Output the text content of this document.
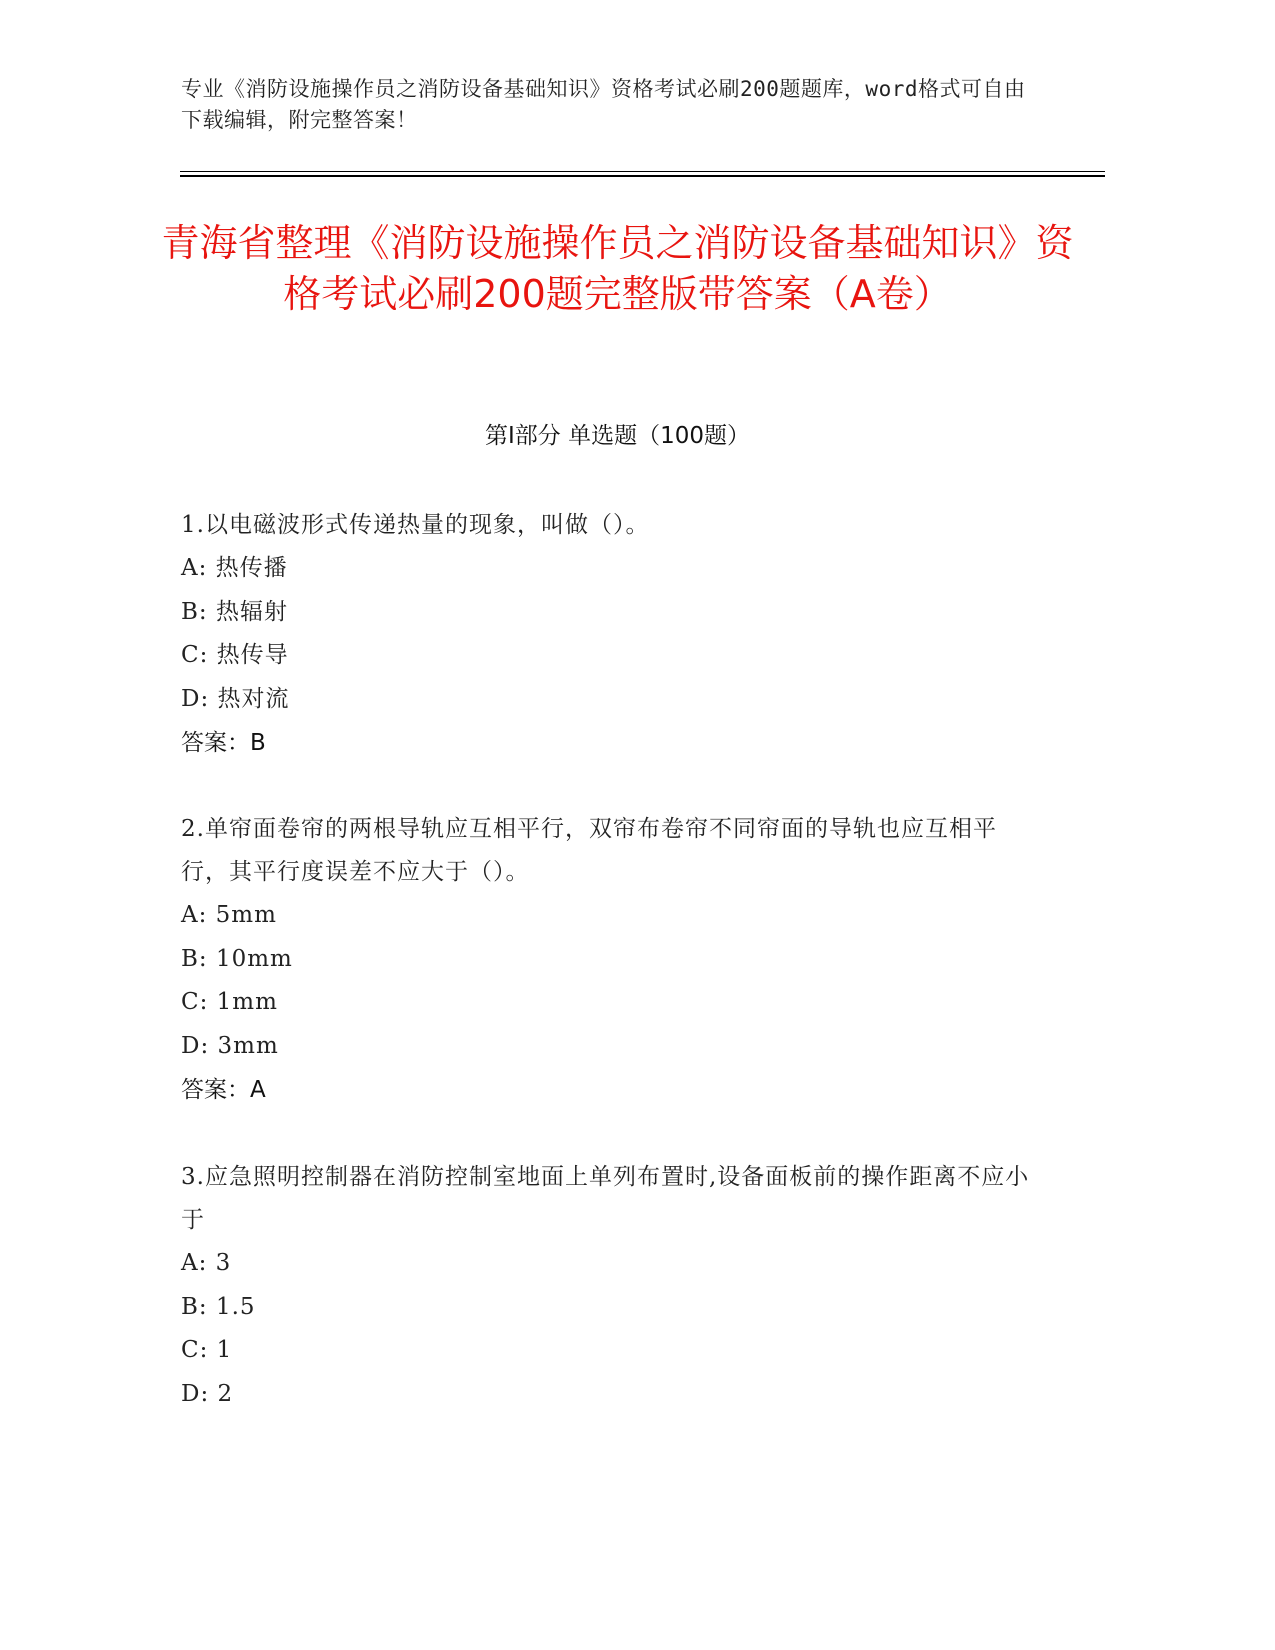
专业《消防设施操作员之消防设备基础知识》资格考试必刷200题题库，word格式可自由下载编辑，附完整答案！
青海省整理《消防设施操作员之消防设备基础知识》资格考试必刷200题完整版带答案（A卷）
第I部分 单选题（100题）
1.以电磁波形式传递热量的现象，叫做（）。
A: 热传播
B: 热辐射
C: 热传导
D: 热对流
答案：B
2.单帘面卷帘的两根导轨应互相平行，双帘布卷帘不同帘面的导轨也应互相平行，其平行度误差不应大于（）。
A: 5mm
B: 10mm
C: 1mm
D: 3mm
答案：A
3.应急照明控制器在消防控制室地面上单列布置时,设备面板前的操作距离不应小于
A: 3
B: 1.5
C: 1
D: 2
